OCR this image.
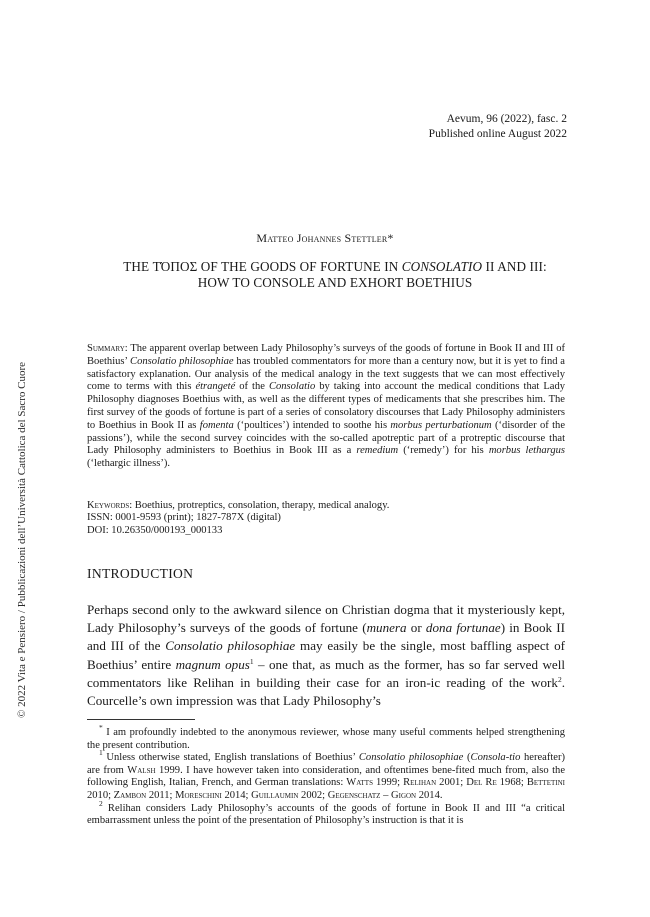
© 2022 Vita e Pensiero / Pubblicazioni dell’Università Cattolica del Sacro Cuore
Aevum, 96 (2022), fasc. 2
Published online August 2022
Matteo Johannes Stettler*
THE ΤΌΠΟΣ OF THE GOODS OF FORTUNE IN CONSOLATIO II AND III:
HOW TO CONSOLE AND EXHORT BOETHIUS
Summary: The apparent overlap between Lady Philosophy’s surveys of the goods of fortune in Book II and III of Boethius’ Consolatio philosophiae has troubled commentators for more than a century now, but it is yet to find a satisfactory explanation. Our analysis of the medical analogy in the text suggests that we can most effectively come to terms with this étrangeté of the Consolatio by taking into account the medical conditions that Lady Philosophy diagnoses Boethius with, as well as the different types of medicaments that she prescribes him. The first survey of the goods of fortune is part of a series of consolatory discourses that Lady Philosophy administers to Boethius in Book II as fomenta (‘poultices’) intended to soothe his morbus perturbationum (‘disorder of the passions’), while the second survey coincides with the so-called apotreptic part of a protreptic discourse that Lady Philosophy administers to Boethius in Book III as a remedium (‘remedy’) for his morbus lethargus (‘lethargic illness’).
Keywords: Boethius, protreptics, consolation, therapy, medical analogy.
ISSN: 0001-9593 (print); 1827-787X (digital)
DOI: 10.26350/000193_000133
INTRODUCTION
Perhaps second only to the awkward silence on Christian dogma that it mysteriously kept, Lady Philosophy’s surveys of the goods of fortune (munera or dona fortunae) in Book II and III of the Consolatio philosophiae may easily be the single, most baffling aspect of Boethius’ entire magnum opus$^1$ – one that, as much as the former, has so far served well commentators like Relihan in building their case for an iron-ic reading of the work$^2$. Courcelle’s own impression was that Lady Philosophy’s

* I am profoundly indebted to the anonymous reviewer, whose many useful comments helped strengthening the present contribution.

$^1$ Unless otherwise stated, English translations of Boethius’ Consolatio philosophiae (Consola-tio hereafter) are from Walsh 1999. I have however taken into consideration, and oftentimes bene-fited much from, also the following English, Italian, French, and German translations: Watts 1999; Relihan 2001; Del Re 1968; Bettetini 2010; Zambon 2011; Moreschini 2014; Guillaumin 2002; Gegenschatz – Gigon 2014.

$^2$ Relihan considers Lady Philosophy’s accounts of the goods of fortune in Book II and III “a critical embarrassment unless the point of the presentation of Philosophy’s instruction is that it is
